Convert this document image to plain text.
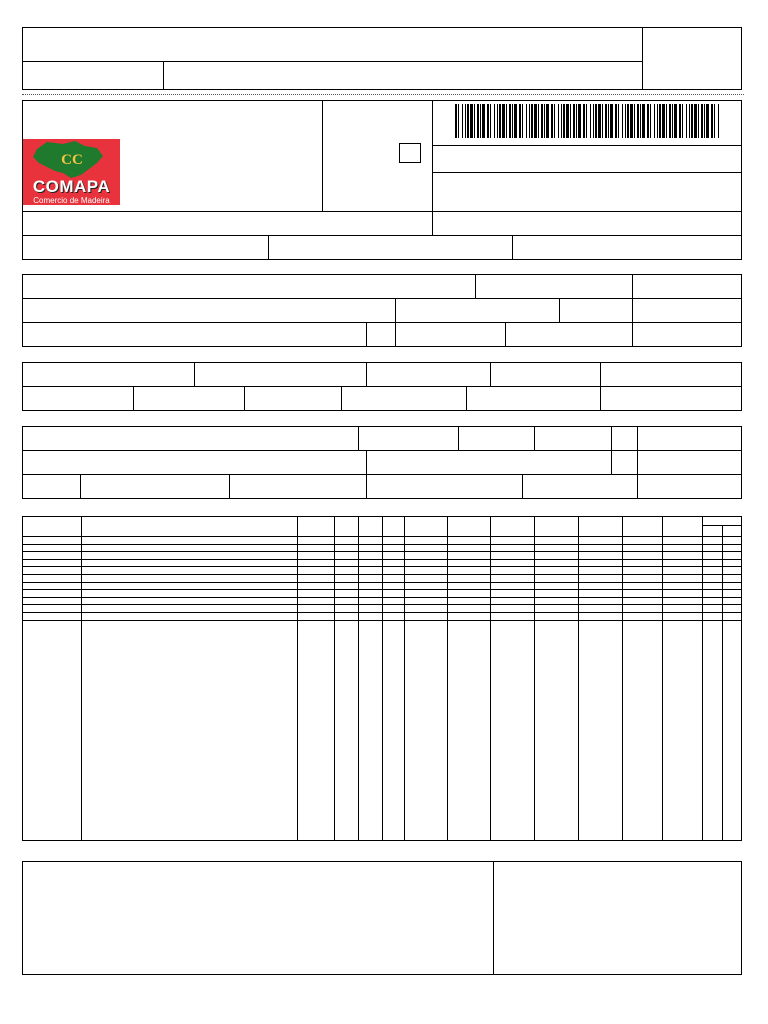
CC
COMAPA
Comercio de Madeira
